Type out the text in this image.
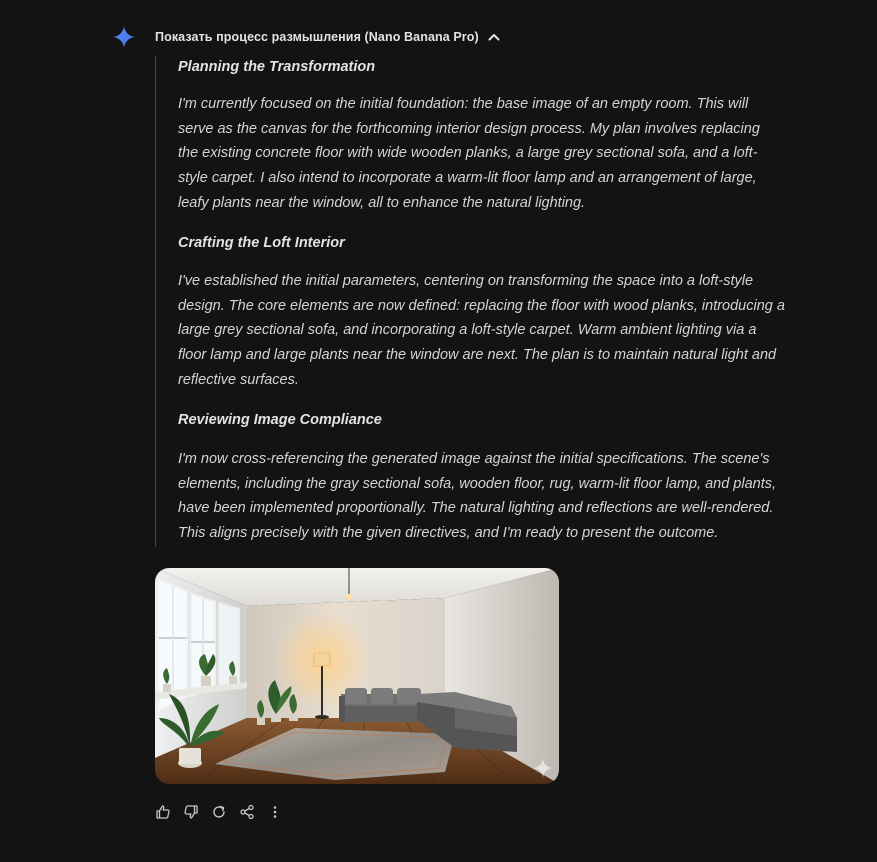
Показать процесс размышления (Nano Banana Pro)

Planning the Transformation

I'm currently focused on the initial foundation: the base image of an empty room. This will serve as the canvas for the forthcoming interior design process. My plan involves replacing the existing concrete floor with wide wooden planks, a large grey sectional sofa, and a loft-style carpet. I also intend to incorporate a warm-lit floor lamp and an arrangement of large, leafy plants near the window, all to enhance the natural lighting.

Crafting the Loft Interior

I've established the initial parameters, centering on transforming the space into a loft-style design. The core elements are now defined: replacing the floor with wood planks, introducing a large grey sectional sofa, and incorporating a loft-style carpet. Warm ambient lighting via a floor lamp and large plants near the window are next. The plan is to maintain natural light and reflective surfaces.

Reviewing Image Compliance

I'm now cross-referencing the generated image against the initial specifications. The scene's elements, including the gray sectional sofa, wooden floor, rug, warm-lit floor lamp, and plants, have been implemented proportionally. The natural lighting and reflections are well-rendered. This aligns precisely with the given directives, and I'm ready to present the outcome.
